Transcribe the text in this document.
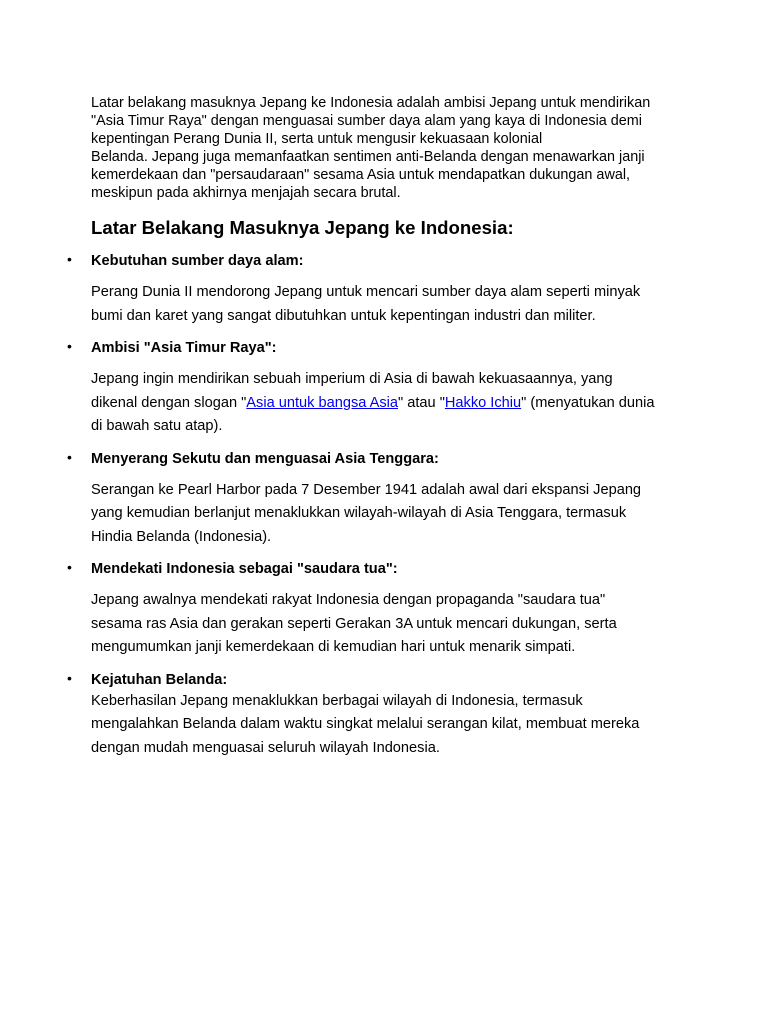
Latar belakang masuknya Jepang ke Indonesia adalah ambisi Jepang untuk mendirikan

"Asia Timur Raya" dengan menguasai sumber daya alam yang kaya di Indonesia demi

kepentingan Perang Dunia II, serta untuk mengusir kekuasaan kolonial

Belanda. Jepang juga memanfaatkan sentimen anti-Belanda dengan menawarkan janji

kemerdekaan dan "persaudaraan" sesama Asia untuk mendapatkan dukungan awal,

meskipun pada akhirnya menjajah secara brutal.

Latar Belakang Masuknya Jepang ke Indonesia:
• Kebutuhan sumber daya alam:
Perang Dunia II mendorong Jepang untuk mencari sumber daya alam seperti minyak
bumi dan karet yang sangat dibutuhkan untuk kepentingan industri dan militer.
• Ambisi "Asia Timur Raya":
Jepang ingin mendirikan sebuah imperium di Asia di bawah kekuasaannya, yang
dikenal dengan slogan "Asia untuk bangsa Asia" atau "Hakko Ichiu" (menyatukan dunia
di bawah satu atap).
• Menyerang Sekutu dan menguasai Asia Tenggara:
Serangan ke Pearl Harbor pada 7 Desember 1941 adalah awal dari ekspansi Jepang
yang kemudian berlanjut menaklukkan wilayah-wilayah di Asia Tenggara, termasuk
Hindia Belanda (Indonesia).
• Mendekati Indonesia sebagai "saudara tua":
Jepang awalnya mendekati rakyat Indonesia dengan propaganda "saudara tua"
sesama ras Asia dan gerakan seperti Gerakan 3A untuk mencari dukungan, serta
mengumumkan janji kemerdekaan di kemudian hari untuk menarik simpati.
• Kejatuhan Belanda:
Keberhasilan Jepang menaklukkan berbagai wilayah di Indonesia, termasuk
mengalahkan Belanda dalam waktu singkat melalui serangan kilat, membuat mereka
dengan mudah menguasai seluruh wilayah Indonesia.
